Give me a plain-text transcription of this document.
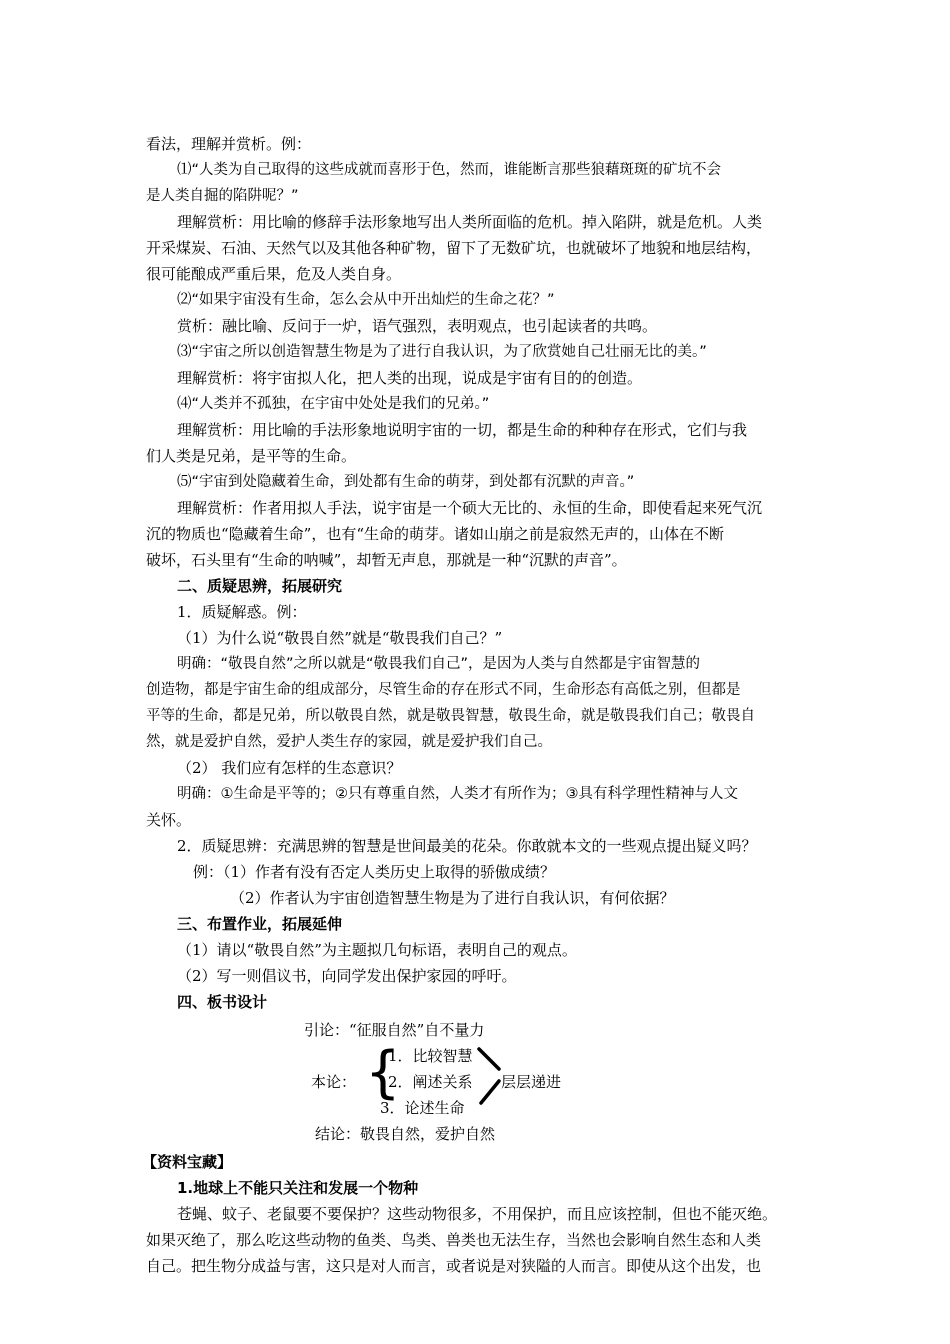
看法，理解并赏析。例：
⑴“人类为自己取得的这些成就而喜形于色，然而，谁能断言那些狼藉斑斑的矿坑不会
是人类自掘的陷阱呢？”
理解赏析：用比喻的修辞手法形象地写出人类所面临的危机。掉入陷阱，就是危机。人类
开采煤炭、石油、天然气以及其他各种矿物，留下了无数矿坑，也就破坏了地貌和地层结构，
很可能酿成严重后果，危及人类自身。
⑵“如果宇宙没有生命，怎么会从中开出灿烂的生命之花？”
赏析：融比喻、反问于一炉，语气强烈，表明观点，也引起读者的共鸣。
⑶“宇宙之所以创造智慧生物是为了进行自我认识，为了欣赏她自己壮丽无比的美。”
理解赏析：将宇宙拟人化，把人类的出现，说成是宇宙有目的的创造。
⑷“人类并不孤独，在宇宙中处处是我们的兄弟。”
理解赏析：用比喻的手法形象地说明宇宙的一切，都是生命的种种存在形式，它们与我
们人类是兄弟，是平等的生命。
⑸“宇宙到处隐藏着生命，到处都有生命的萌芽，到处都有沉默的声音。”
理解赏析：作者用拟人手法，说宇宙是一个硕大无比的、永恒的生命，即使看起来死气沉
沉的物质也“隐藏着生命”，也有“生命的萌芽。诸如山崩之前是寂然无声的，山体在不断
破坏，石头里有“生命的呐喊”，却暂无声息，那就是一种“沉默的声音”。
二、质疑思辨，拓展研究
1．质疑解惑。例：
（1）为什么说“敬畏自然”就是“敬畏我们自己？”
明确：“敬畏自然”之所以就是“敬畏我们自己”，是因为人类与自然都是宇宙智慧的
创造物，都是宇宙生命的组成部分，尽管生命的存在形式不同，生命形态有高低之别，但都是
平等的生命，都是兄弟，所以敬畏自然，就是敬畏智慧，敬畏生命，就是敬畏我们自己；敬畏自
然，就是爱护自然，爱护人类生存的家园，就是爱护我们自己。
（2） 我们应有怎样的生态意识？
明确：①生命是平等的；②只有尊重自然，人类才有所作为；③具有科学理性精神与人文
关怀。
2．质疑思辨：充满思辨的智慧是世间最美的花朵。你敢就本文的一些观点提出疑义吗？
例：（1）作者有没有否定人类历史上取得的骄傲成绩？
（2）作者认为宇宙创造智慧生物是为了进行自我认识，有何依据？
三、布置作业，拓展延伸
（1）请以“敬畏自然”为主题拟几句标语，表明自己的观点。
（2）写一则倡议书，向同学发出保护家园的呼吁。
四、板书设计
引论：“征服自然”自不量力
本论： {
1．比较智慧
2．阐述关系
3．论述生命
层层递进
结论：敬畏自然，爱护自然
【资料宝藏】
1.地球上不能只关注和发展一个物种
苍蝇、蚊子、老鼠要不要保护？这些动物很多，不用保护，而且应该控制，但也不能灭绝。
如果灭绝了，那么吃这些动物的鱼类、鸟类、兽类也无法生存，当然也会影响自然生态和人类
自己。把生物分成益与害，这只是对人而言，或者说是对狭隘的人而言。即使从这个出发，也
